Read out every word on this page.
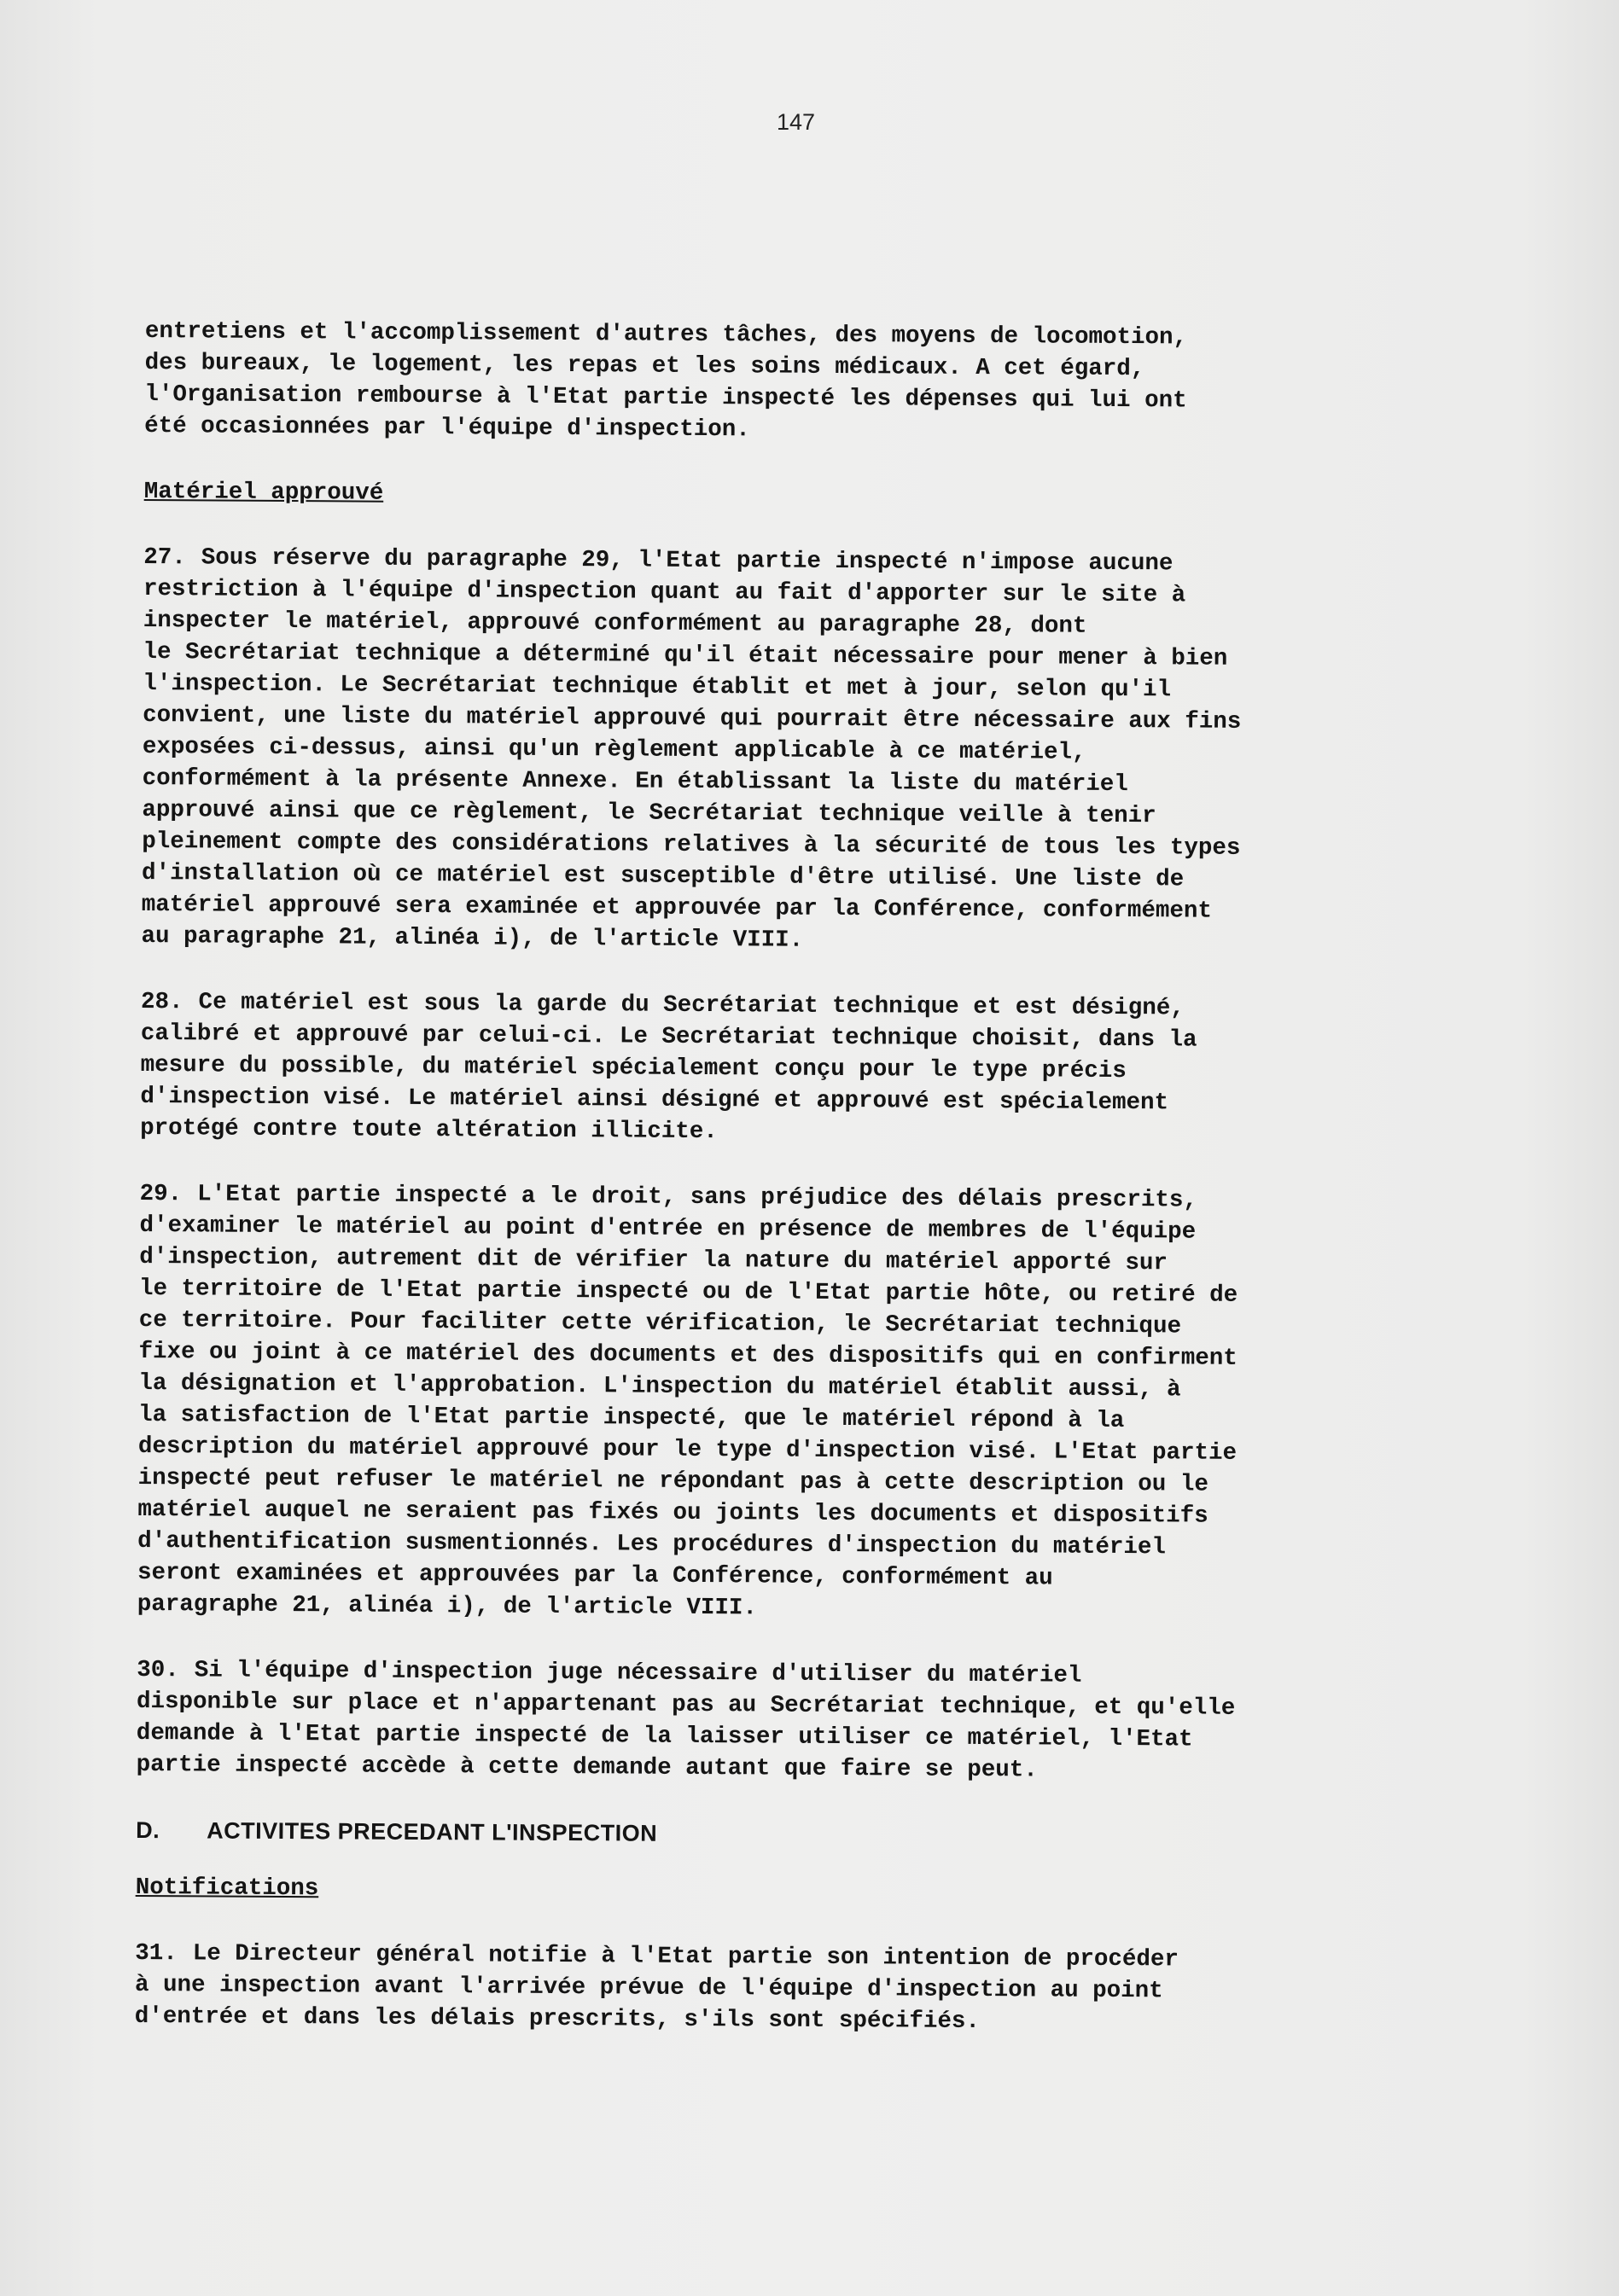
147
entretiens et l'accomplissement d'autres tâches, des moyens de locomotion,
des bureaux, le logement, les repas et les soins médicaux. A cet égard,
l'Organisation rembourse à l'Etat partie inspecté les dépenses qui lui ont
été occasionnées par l'équipe d'inspection.
Matériel approuvé
27. Sous réserve du paragraphe 29, l'Etat partie inspecté n'impose aucune
restriction à l'équipe d'inspection quant au fait d'apporter sur le site à
inspecter le matériel, approuvé conformément au paragraphe 28, dont
le Secrétariat technique a déterminé qu'il était nécessaire pour mener à bien
l'inspection. Le Secrétariat technique établit et met à jour, selon qu'il
convient, une liste du matériel approuvé qui pourrait être nécessaire aux fins
exposées ci-dessus, ainsi qu'un règlement applicable à ce matériel,
conformément à la présente Annexe. En établissant la liste du matériel
approuvé ainsi que ce règlement, le Secrétariat technique veille à tenir
pleinement compte des considérations relatives à la sécurité de tous les types
d'installation où ce matériel est susceptible d'être utilisé. Une liste de
matériel approuvé sera examinée et approuvée par la Conférence, conformément
au paragraphe 21, alinéa i), de l'article VIII.
28. Ce matériel est sous la garde du Secrétariat technique et est désigné,
calibré et approuvé par celui-ci. Le Secrétariat technique choisit, dans la
mesure du possible, du matériel spécialement conçu pour le type précis
d'inspection visé. Le matériel ainsi désigné et approuvé est spécialement
protégé contre toute altération illicite.
29. L'Etat partie inspecté a le droit, sans préjudice des délais prescrits,
d'examiner le matériel au point d'entrée en présence de membres de l'équipe
d'inspection, autrement dit de vérifier la nature du matériel apporté sur
le territoire de l'Etat partie inspecté ou de l'Etat partie hôte, ou retiré de
ce territoire. Pour faciliter cette vérification, le Secrétariat technique
fixe ou joint à ce matériel des documents et des dispositifs qui en confirment
la désignation et l'approbation. L'inspection du matériel établit aussi, à
la satisfaction de l'Etat partie inspecté, que le matériel répond à la
description du matériel approuvé pour le type d'inspection visé. L'Etat partie
inspecté peut refuser le matériel ne répondant pas à cette description ou le
matériel auquel ne seraient pas fixés ou joints les documents et dispositifs
d'authentification susmentionnés. Les procédures d'inspection du matériel
seront examinées et approuvées par la Conférence, conformément au
paragraphe 21, alinéa i), de l'article VIII.
30. Si l'équipe d'inspection juge nécessaire d'utiliser du matériel
disponible sur place et n'appartenant pas au Secrétariat technique, et qu'elle
demande à l'Etat partie inspecté de la laisser utiliser ce matériel, l'Etat
partie inspecté accède à cette demande autant que faire se peut.
D. ACTIVITES PRECEDANT L'INSPECTION
Notifications
31. Le Directeur général notifie à l'Etat partie son intention de procéder
à une inspection avant l'arrivée prévue de l'équipe d'inspection au point
d'entrée et dans les délais prescrits, s'ils sont spécifiés.
